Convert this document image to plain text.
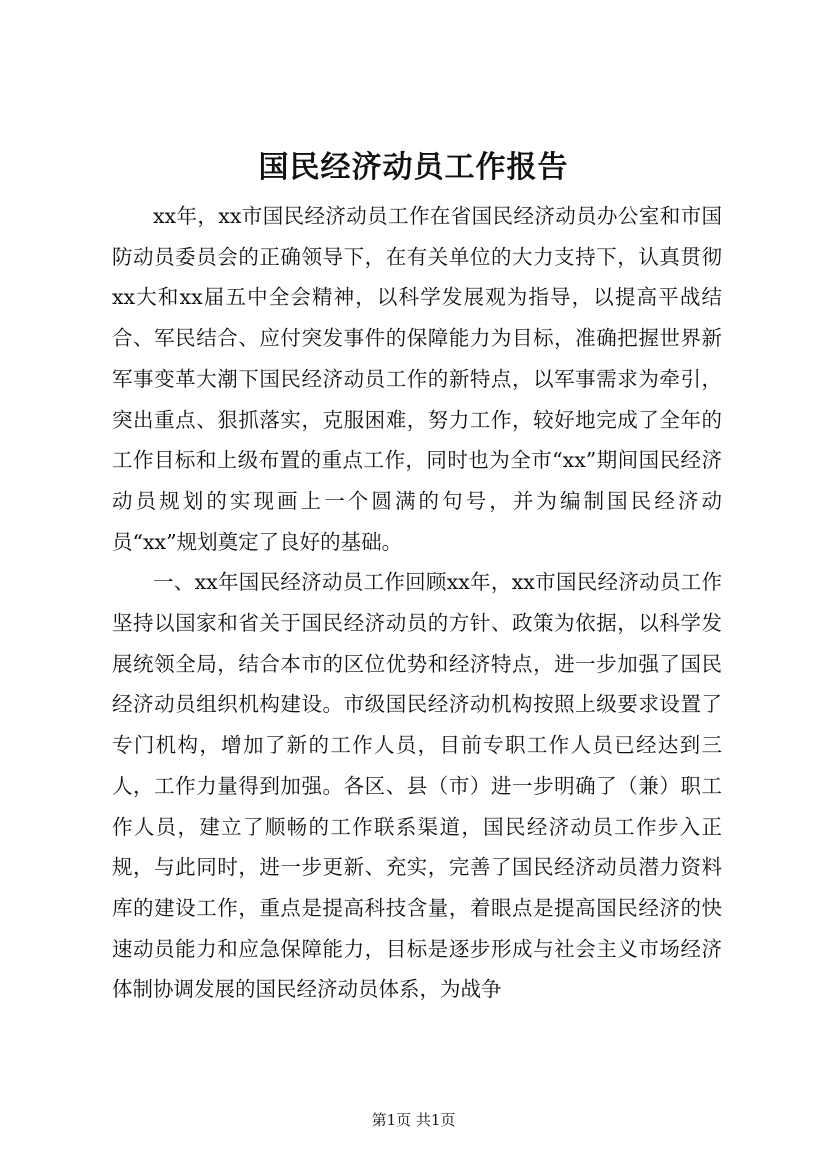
国民经济动员工作报告

xx年，xx市国民经济动员工作在省国民经济动员办公室和市国防动员委员会的正确领导下，在有关单位的大力支持下，认真贯彻xx大和xx届五中全会精神，以科学发展观为指导，以提高平战结合、军民结合、应付突发事件的保障能力为目标，准确把握世界新军事变革大潮下国民经济动员工作的新特点，以军事需求为牵引，突出重点、狠抓落实，克服困难，努力工作，较好地完成了全年的工作目标和上级布置的重点工作，同时也为全市“xx”期间国民经济动员规划的实现画上一个圆满的句号，并为编制国民经济动员“xx”规划奠定了良好的基础。

一、xx年国民经济动员工作回顾xx年，xx市国民经济动员工作坚持以国家和省关于国民经济动员的方针、政策为依据，以科学发展统领全局，结合本市的区位优势和经济特点，进一步加强了国民经济动员组织机构建设。市级国民经济动机构按照上级要求设置了专门机构，增加了新的工作人员，目前专职工作人员已经达到三人，工作力量得到加强。各区、县（市）进一步明确了（兼）职工作人员，建立了顺畅的工作联系渠道，国民经济动员工作步入正规，与此同时，进一步更新、充实，完善了国民经济动员潜力资料库的建设工作，重点是提高科技含量，着眼点是提高国民经济的快速动员能力和应急保障能力，目标是逐步形成与社会主义市场经济体制协调发展的国民经济动员体系，为战争

第1页 共1页
